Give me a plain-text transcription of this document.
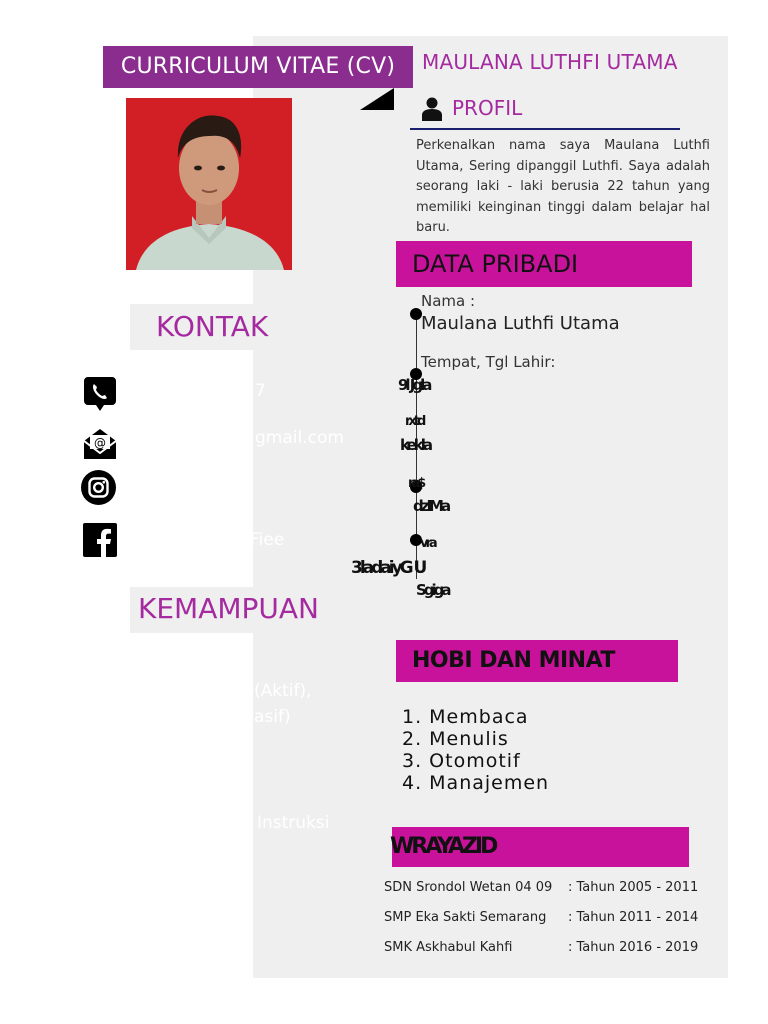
CURRICULUM VITAE (CV)	MAULANA LUTHFI UTAMA
PROFIL
Perkenalkan nama saya Maulana Luthfi Utama, Sering dipanggil Luthfi. Saya adalah seorang laki - laki berusia 22 tahun yang memiliki keinginan tinggi dalam belajar hal baru.
DATA PRIBADI
Nama :
Maulana Luthfi Utama
Tempat, Tgl Lahir:
9l Jgla
rxtd
kekla
ra$
dzIMa
vra
3ladaiyG U
Sgiga
KONTAK
7
@	gmail.com
Fiee
KEMAMPUAN
(Aktif),
asif)
Instruksi
HOBI DAN MINAT
1. Membaca
2. Menulis
3. Otomotif
4. Manajemen
WRAYAZID
SDN Srondol Wetan 04 09 : Tahun 2005 - 2011
SMP Eka Sakti Semarang : Tahun 2011 - 2014
SMK Askhabul Kahfi	: Tahun 2016 - 2019
